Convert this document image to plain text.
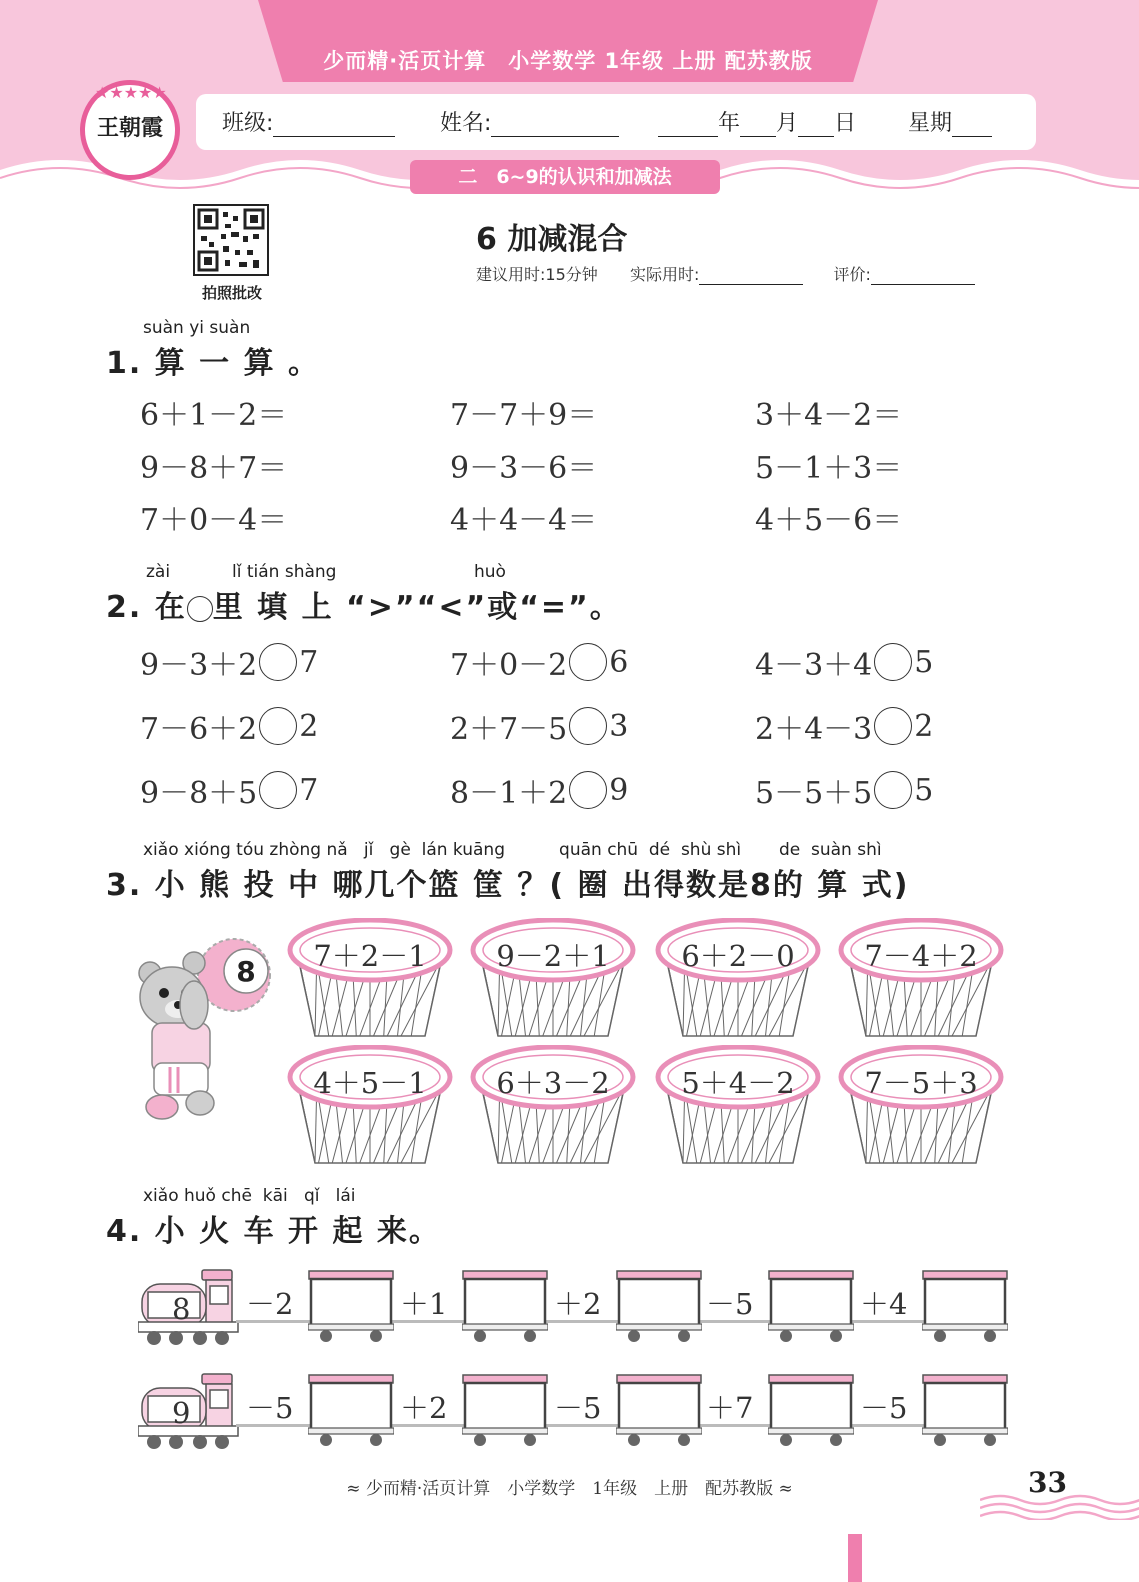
少而精·活页计算　小学数学 1年级 上册 配苏教版
★★★★★
王朝霞	班级:	姓名:	年 月 日 星期
二　6~9的认识和加减法
拍照批改
6 加减混合
建议用时:15分钟 实际用时:	评价:
suàn yi suàn
1. 算 一 算 。
6＋1－2＝	7－7＋9＝	3＋4－2＝
9－8＋7＝	9－3－6＝	5－1＋3＝
7＋0－4＝	4＋4－4＝	4＋5－6＝
zài	lǐ tián shàng	huò
2. 在 里 填 上 “>”“<”或“=”。
9－3＋2 7	7＋0－2 6	4－3＋4 5
7－6＋2 2	2＋7－5 3	2＋4－3 2
9－8＋5 7	8－1＋2 9	5－5＋5 5
xiǎo xióng tóu zhòng nǎ   jǐ   gè  lán kuāng          quān chū  dé  shù shì       de  suàn shì
3. 小 熊 投 中 哪几个篮 筐 ？( 圈 出得数是8的 算 式)
8	7＋2－1	9－2＋1	6＋2－0	7－4＋2
4＋5－1	6＋3－2	5＋4－2	7－5＋3
xiǎo huǒ chē  kāi   qǐ   lái
4. 小 火 车 开 起 来。
8 －2	＋1	＋2	－5	＋4
9 －5	＋2	－5	＋7	－5
≈ 少而精·活页计算　小学数学　1年级　上册　配苏教版 ≈	33
